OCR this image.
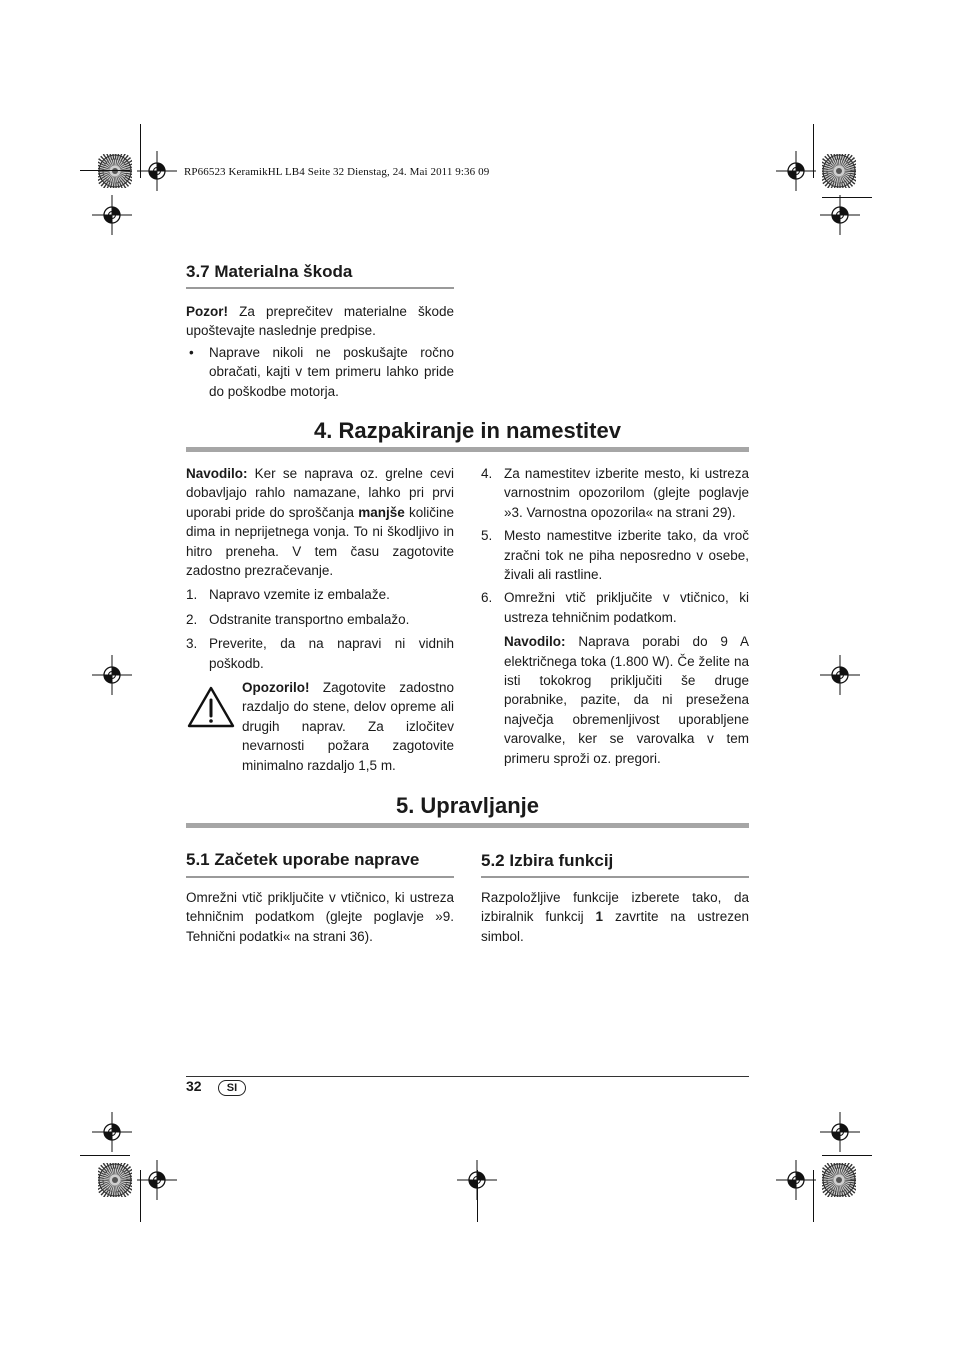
RP66523 KeramikHL LB4 Seite 32 Dienstag, 24. Mai 2011 9:36 09
3.7 Materialna škoda

Pozor! Za preprečitev materialne škode upoštevajte naslednje predpise.

• Naprave nikoli ne poskušajte ročno obračati, kajti v tem primeru lahko pride do poškodbe motorja.
4. Razpakiranje in namestitev

Navodilo: Ker se naprava oz. grelne cevi dobavljajo rahlo namazane, lahko pri prvi uporabi pride do sproščanja manjše količine dima in neprijetnega vonja. To ni škodljivo in hitro preneha. V tem času zagotovite zadostno prezračevanje.

1. Napravo vzemite iz embalaže.
2. Odstranite transportno embalažo.
3. Preverite, da na napravi ni vidnih poškodb.

Opozorilo! Zagotovite zadostno razdaljo do stene, delov opreme ali drugih naprav. Za izločitev nevarnosti požara zagotovite minimalno razdaljo 1,5 m.

4. Za namestitev izberite mesto, ki ustreza varnostnim opozorilom (glejte poglavje »3. Varnostna opozorila« na strani 29).
5. Mesto namestitve izberite tako, da vroč zračni tok ne piha neposredno v osebe, živali ali rastline.
6. Omrežni vtič priključite v vtičnico, ki ustreza tehničnim podatkom.

Navodilo: Naprava porabi do 9 A električnega toka (1.800 W). Če želite na isti tokokrog priključiti še druge porabnike, pazite, da ni presežena največja obremenljivost uporabljene varovalke, ker se varovalka v tem primeru sproži oz. pregori.

5. Upravljanje
5.1 Začetek uporabe naprave

Omrežni vtič priključite v vtičnico, ki ustreza tehničnim podatkom (glejte poglavje »9. Tehnični podatki« na strani 36).

5.2 Izbira funkcij

Razpoložljive funkcije izberete tako, da izbiralnik funkcij 1 zavrtite na ustrezen simbol.

32	SI
